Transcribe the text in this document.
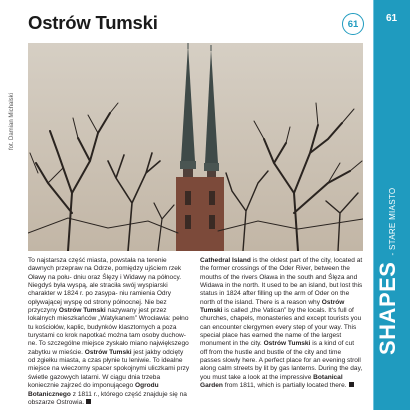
Ostrów Tumski	61	61
SHAPES
- STARE MIASTO
fot. Damian Michalski

To najstarsza część miasta, powstała na terenie dawnych przepraw na Odrze, pomiędzy ujściem rzek Oławy na połu- dniu oraz Ślęzy i Widawy na północy. Niegdyś była wyspą, ale straciła swój wyspiarski charakter w 1824 r. po zasypa- niu ramienia Odry opływającej wyspę od strony północnej. Nie bez przyczyny Ostrów Tumski nazywany jest przez lokalnych mieszkańców „Watykanem” Wrocławia: pełno tu kościołów, kaplic, budynków klasztornych a poza turystami co krok napotkać można tam osoby duchow- ne. To szczególne miejsce zyskało miano największego zabytku w mieście. Ostrów Tumski jest jakby odcięty od zgiełku miasta, a czas płynie tu leniwie. To idealne miejsce na wieczorny spacer spokojnymi uliczkami przy świetle gazowych latarni. W ciągu dnia trzeba koniecznie zajrzeć do imponującego Ogrodu Botanicznego z 1811 r., którego część znajduje się na obszarze Ostrowia.

Cathedral Island is the oldest part of the city, located at the former crossings of the Oder River, between the mouths of the rivers Oława in the south and Ślęza and Widawa in the north. It used to be an island, but lost this status in 1824 after filling up the arm of Oder on the north of the island. There is a reason why Ostrów Tumski is called „the Vatican” by the locals. It's full of churches, chapels, monasteries and except tourists you can encounter clergymen every step of your way. This special place has earned the name of the largest monument in the city. Ostrów Tumski is a kind of cut off from the hustle and bustle of the city and time passes slowly here. A perfect place for an evening stroll along calm streets by lit by gas lanterns. During the day, you must take a look at the impressive Botanical Garden from 1811, which is partially located there.
